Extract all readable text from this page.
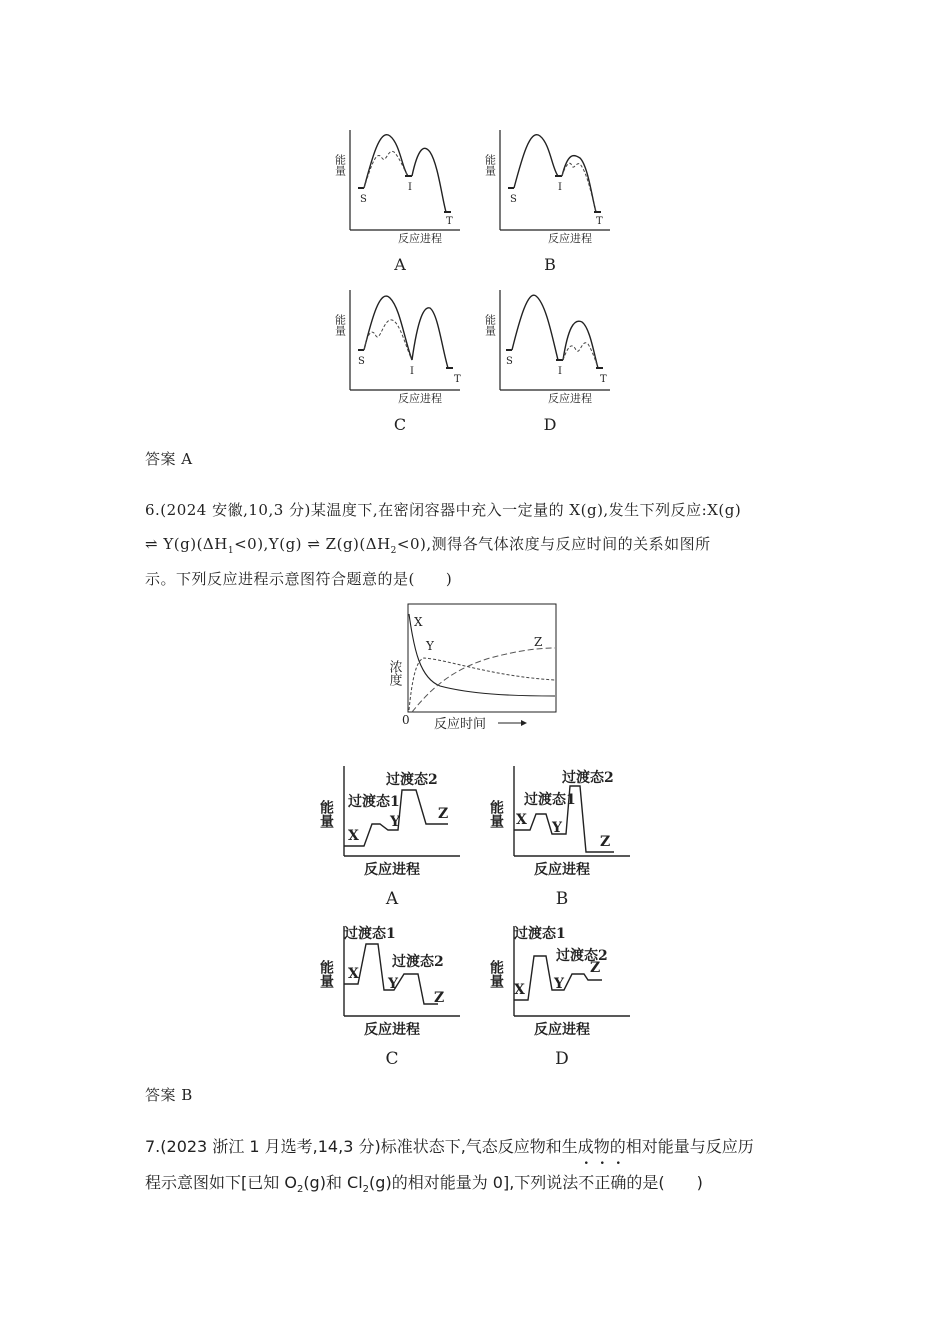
能量
反应进程
S
I
T
A
能量
反应进程
S
I
T
B
能量
反应进程
S
I
T
C
能量
反应进程
S
I
T
D
答案 A
6.(2024 安徽,10,3 分)某温度下,在密闭容器中充入一定量的 X(g),发生下列反应:X(g)
⇌ $Y(g)(\Delta H_1<0),Y(g)$ ⇌ $Z(g)(\Delta H_2<0)$,测得各气体浓度与反应时间的关系如图所
示。下列反应进程示意图符合题意的是(　　)
浓度
0 反应时间
X
Y	Z
能量
反应进程
过渡态1
过渡态2
X
Y	Z
A
能量
反应进程
过渡态1
过渡态2
X Y
Z
B
能量
反应进程
过渡态1
过渡态2
X
Y
Z
C
能量
反应进程
过渡态1
过渡态2
X Y
Z
D
答案 B
7.(2023 浙江 1 月选考,14,3 分)标准状态下,气态反应物和生成物的相对能量与反应历
程示意图如下[已知 $O_2(g)$和 $Cl_2(g)$的相对能量为 0],下列说法不正确的是(　　)
